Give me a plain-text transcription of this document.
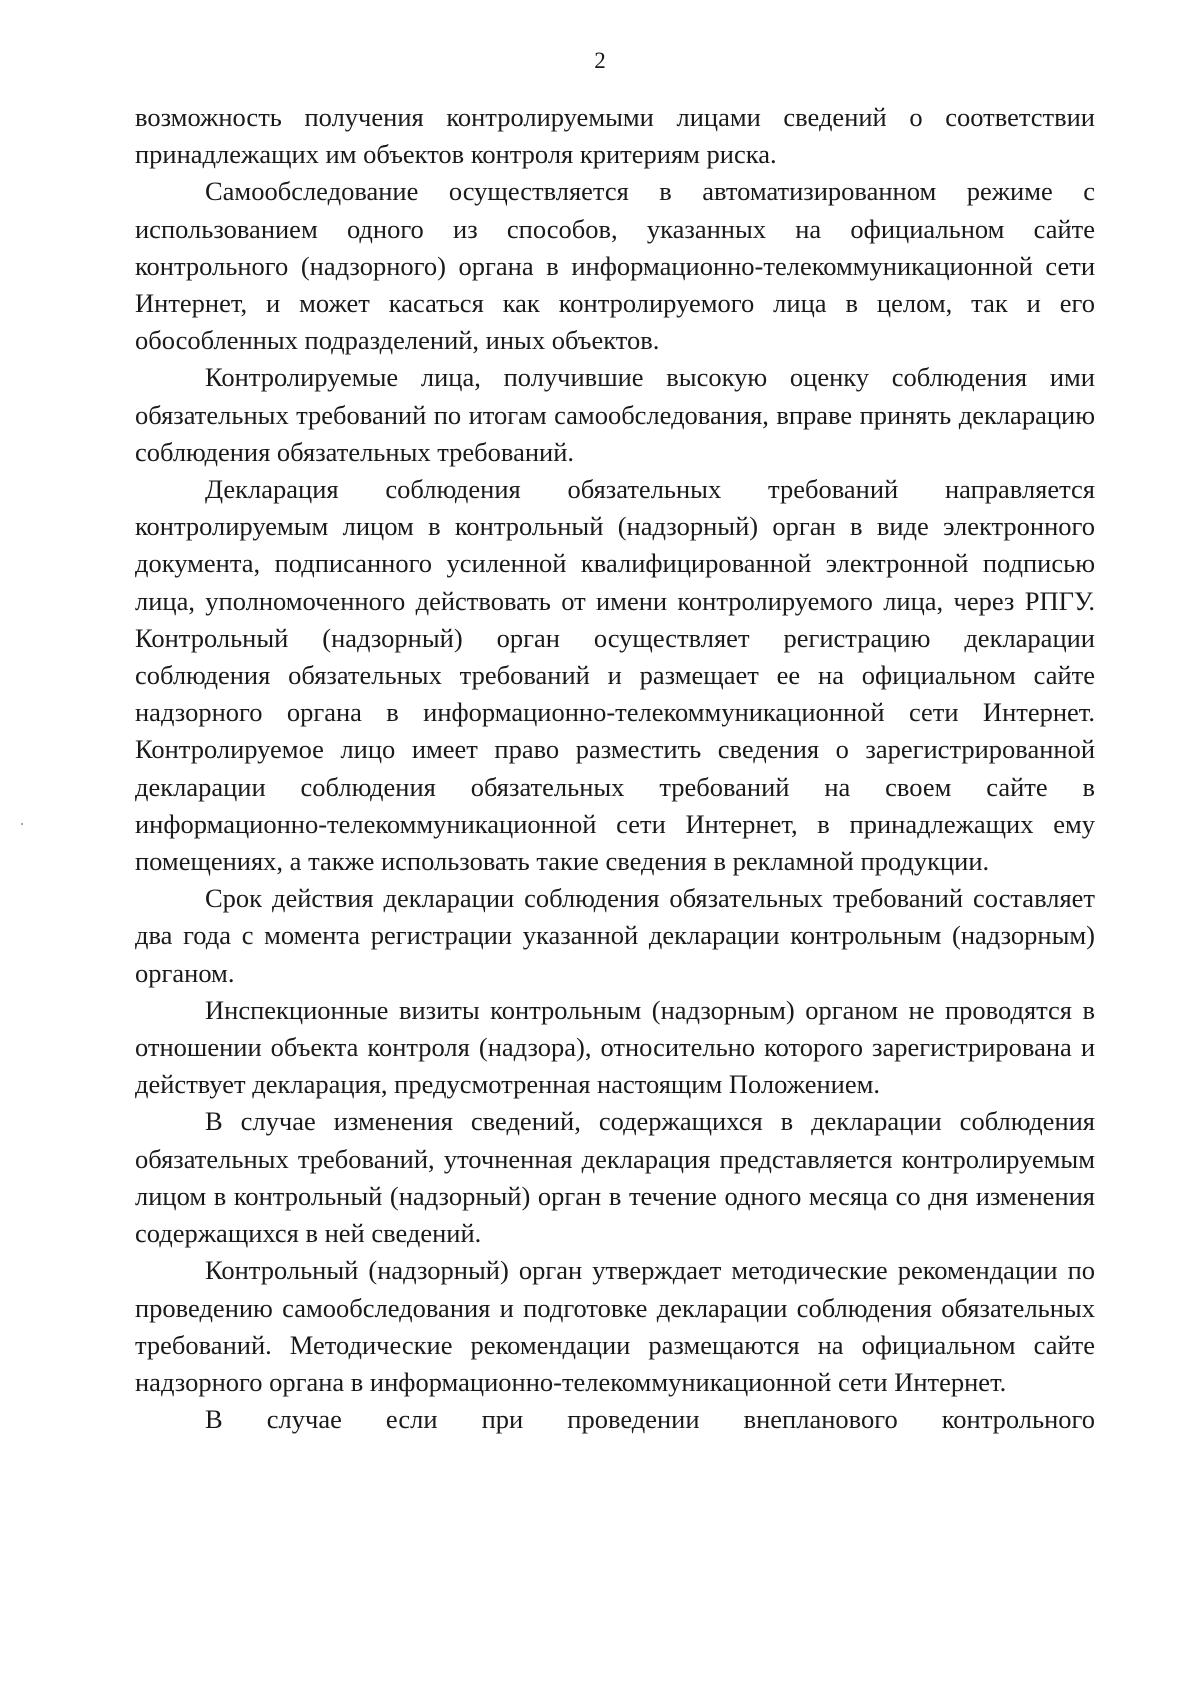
2

возможность получения контролируемыми лицами сведений о соответствии принадлежащих им объектов контроля критериям риска.

Самообследование осуществляется в автоматизированном режиме с использованием одного из способов, указанных на официальном сайте контрольного (надзорного) органа в информационно-телекоммуникационной сети Интернет, и может касаться как контролируемого лица в целом, так и его обособленных подразделений, иных объектов.

Контролируемые лица, получившие высокую оценку соблюдения ими обязательных требований по итогам самообследования, вправе принять декларацию соблюдения обязательных требований.

Декларация соблюдения обязательных требований направляется контролируемым лицом в контрольный (надзорный) орган в виде электронного документа, подписанного усиленной квалифицированной электронной подписью лица, уполномоченного действовать от имени контролируемого лица, через РПГУ. Контрольный (надзорный) орган осуществляет регистрацию декларации соблюдения обязательных требований и размещает ее на официальном сайте надзорного органа в информационно-телекоммуникационной сети Интернет. Контролируемое лицо имеет право разместить сведения о зарегистрированной декларации соблюдения обязательных требований на своем сайте в информационно-телекоммуникационной сети Интернет, в принадлежащих ему помещениях, а также использовать такие сведения в рекламной продукции.

Срок действия декларации соблюдения обязательных требований составляет два года с момента регистрации указанной декларации контрольным (надзорным) органом.

Инспекционные визиты контрольным (надзорным) органом не проводятся в отношении объекта контроля (надзора), относительно которого зарегистрирована и действует декларация, предусмотренная настоящим Положением.

В случае изменения сведений, содержащихся в декларации соблюдения обязательных требований, уточненная декларация представляется контролируемым лицом в контрольный (надзорный) орган в течение одного месяца со дня изменения содержащихся в ней сведений.

Контрольный (надзорный) орган утверждает методические рекомендации по проведению самообследования и подготовке декларации соблюдения обязательных требований. Методические рекомендации размещаются на официальном сайте надзорного органа в информационно-телекоммуникационной сети Интернет.

В случае если при проведении внепланового контрольного
